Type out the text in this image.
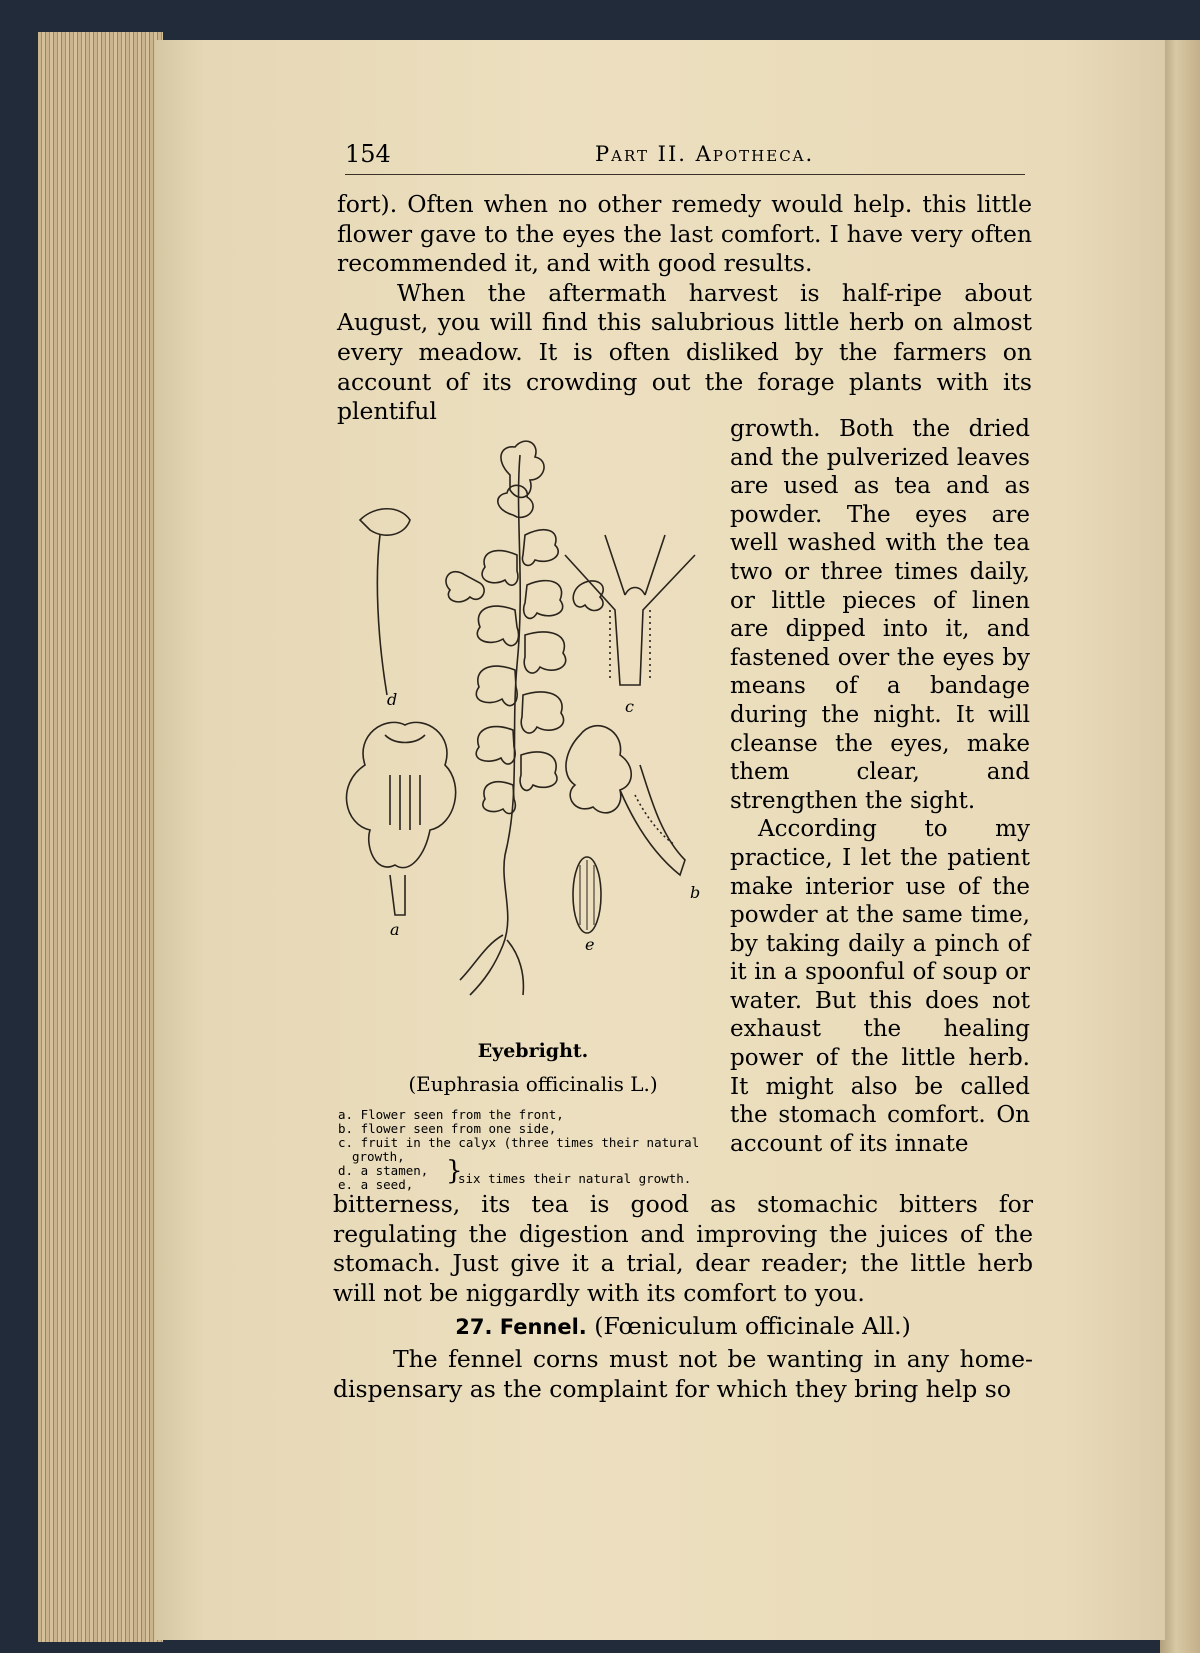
154	Part II. Apotheca.

fort). Often when no other remedy would help. this little flower gave to the eyes the last comfort. I have very often recommended it, and with good results.

When the aftermath harvest is half-ripe about August, you will find this salubrious little herb on almost every meadow. It is often disliked by the farmers on account of its crowding out the forage plants with its plentiful

d	c
a
b
e
Eyebright.
(Euphrasia officinalis L.)
a. Flower seen from the front,
b. flower seen from one side,
c. fruit in the calyx (three times their natural
growth,
d. a stamen,
e. a seed,	}
six times their natural growth.

growth. Both the dried and the pulverized leaves are used as tea and as powder. The eyes are well washed with the tea two or three times daily, or little pieces of linen are dipped into it, and fastened over the eyes by means of a bandage during the night. It will cleanse the eyes, make them clear, and strengthen the sight.

According to my practice, I let the patient make interior use of the powder at the same time, by taking daily a pinch of it in a spoonful of soup or water. But this does not exhaust the healing power of the little herb. It might also be called the stomach comfort. On account of its innate

bitterness, its tea is good as stomachic bitters for regulating the digestion and improving the juices of the stomach. Just give it a trial, dear reader; the little herb will not be niggardly with its comfort to you.

27. Fennel. (Fœniculum officinale All.)

The fennel corns must not be wanting in any home-dispensary as the complaint for which they bring help so
